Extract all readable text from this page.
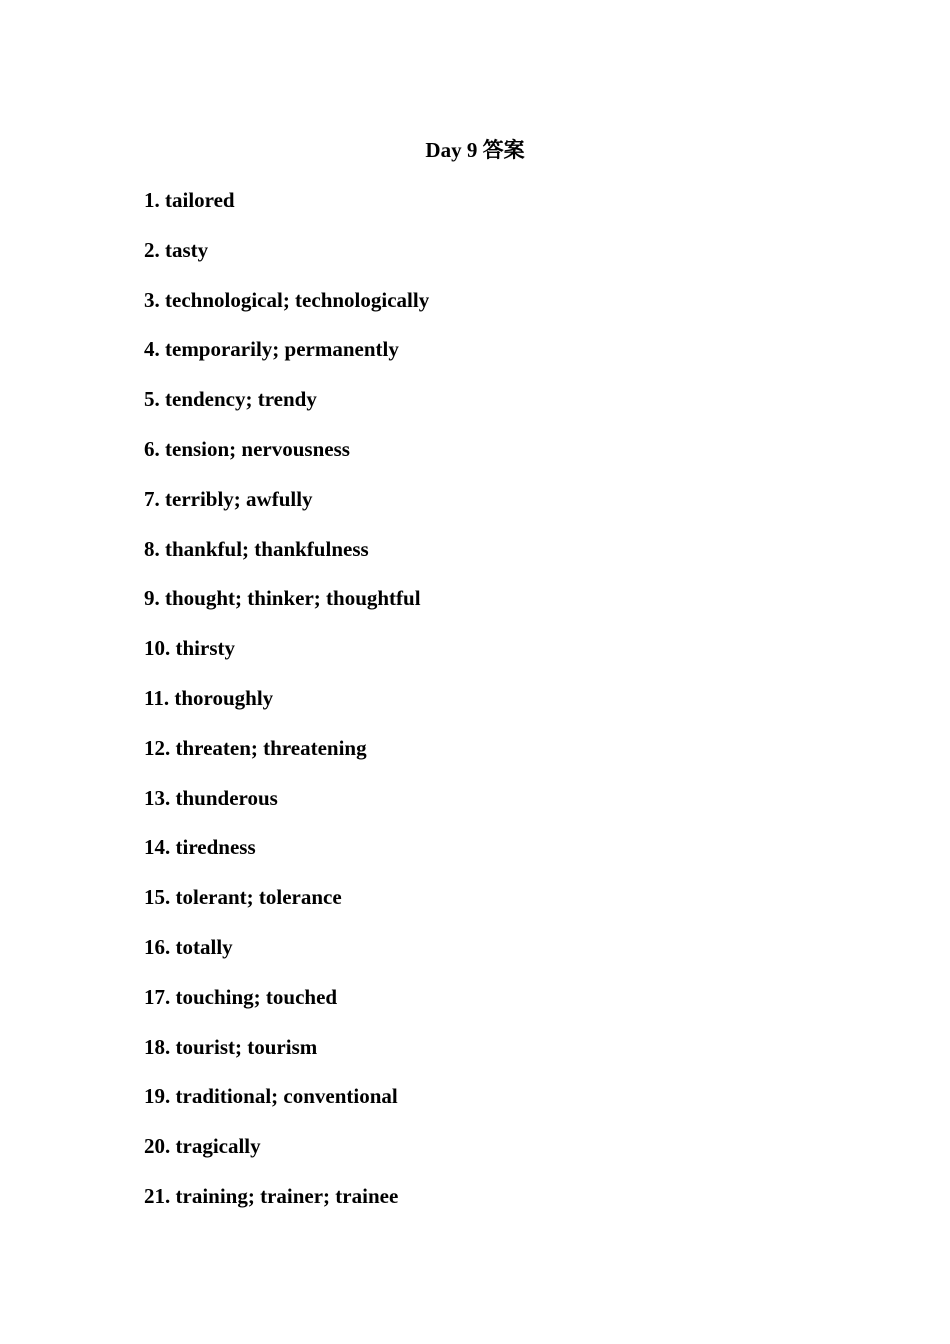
Day 9 答案
1. tailored
2. tasty
3. technological; technologically
4. temporarily; permanently
5. tendency; trendy
6. tension; nervousness
7. terribly; awfully
8. thankful; thankfulness
9. thought; thinker; thoughtful
10. thirsty
11. thoroughly
12. threaten; threatening
13. thunderous
14. tiredness
15. tolerant; tolerance
16. totally
17. touching; touched
18. tourist; tourism
19. traditional; conventional
20. tragically
21. training; trainer; trainee
